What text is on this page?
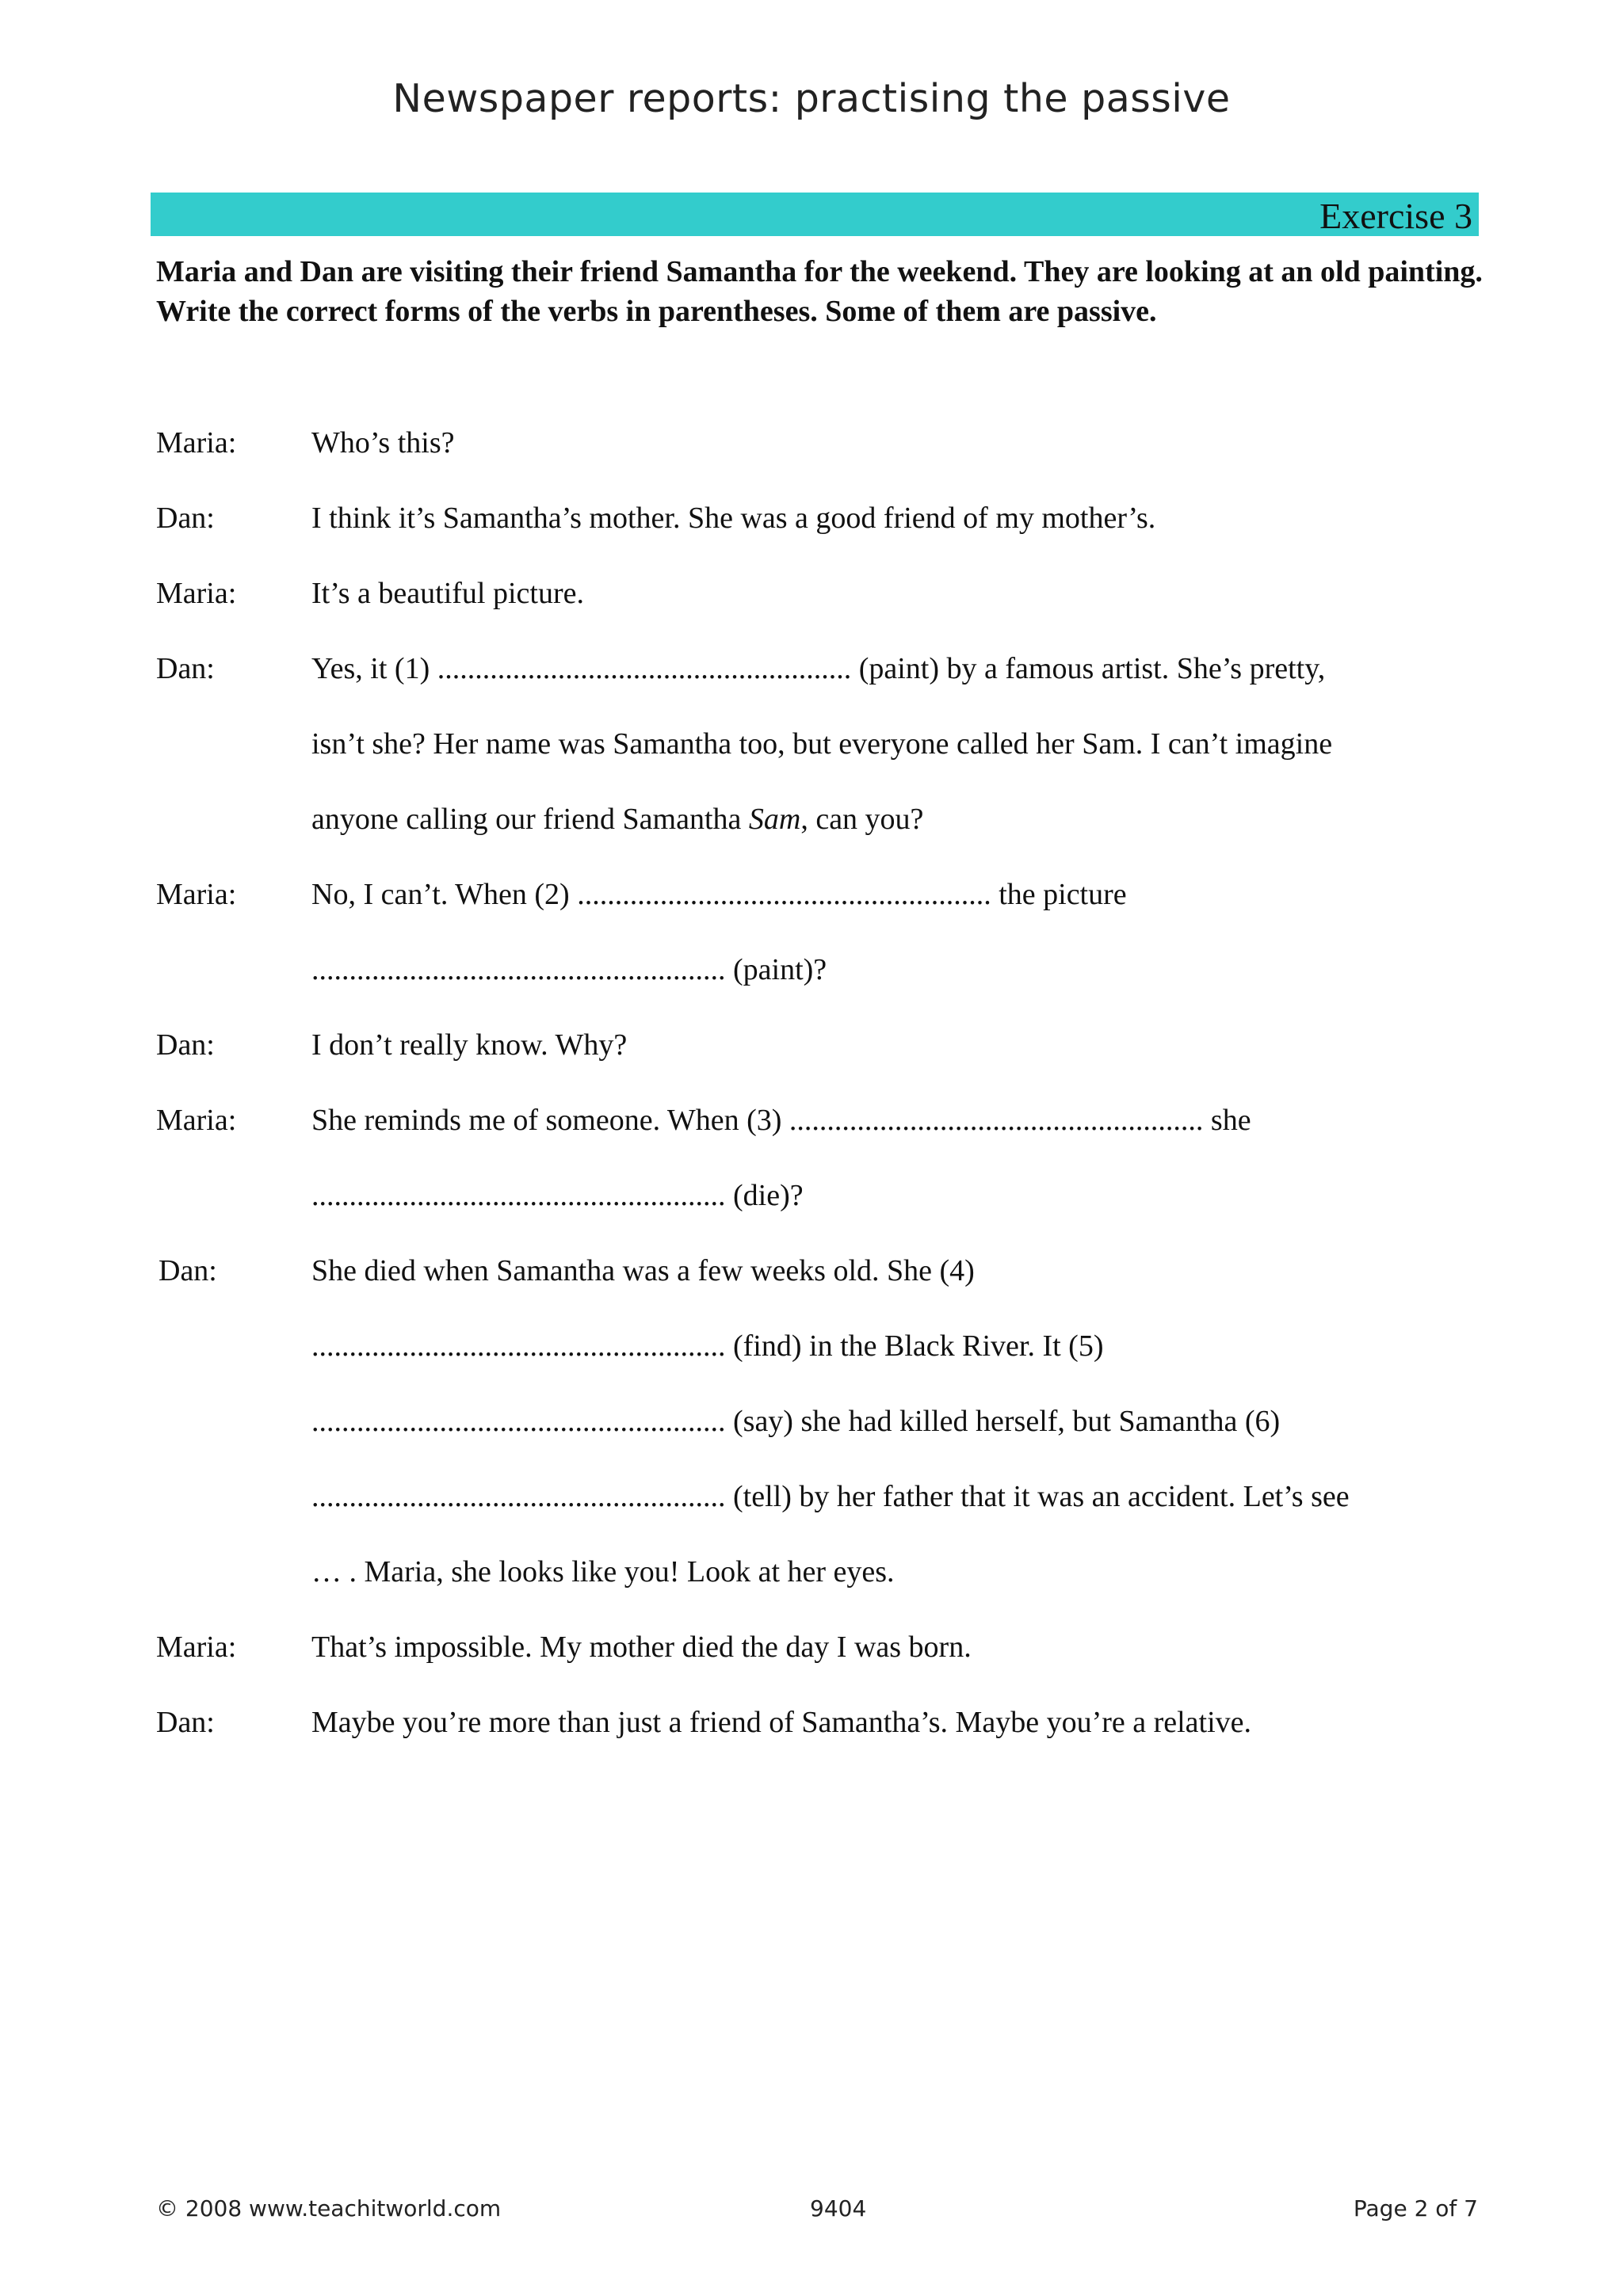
Newspaper reports: practising the passive
Exercise 3
Maria and Dan are visiting their friend Samantha for the weekend. They are looking at an old painting. Write the correct forms of the verbs in parentheses. Some of them are passive.
Maria: Who’s this?
Dan:	I think it’s Samantha’s mother. She was a good friend of my mother’s.
Maria: It’s a beautiful picture.
Dan:	Yes, it (1) ....................................................... (paint) by a famous artist. She’s pretty,
isn’t she? Her name was Samantha too, but everyone called her Sam. I can’t imagine
anyone calling our friend Samantha Sam, can you?
Maria: No, I can’t. When (2) ....................................................... the picture
....................................................... (paint)?
Dan:	I don’t really know. Why?
Maria: She reminds me of someone. When (3) ....................................................... she
....................................................... (die)?
Dan:	She died when Samantha was a few weeks old. She (4)
....................................................... (find) in the Black River. It (5)
....................................................... (say) she had killed herself, but Samantha (6)
....................................................... (tell) by her father that it was an accident. Let’s see
… . Maria, she looks like you! Look at her eyes.
Maria: That’s impossible. My mother died the day I was born.
Dan:	Maybe you’re more than just a friend of Samantha’s. Maybe you’re a relative.
© 2008 www.teachitworld.com	9404	Page 2 of 7
